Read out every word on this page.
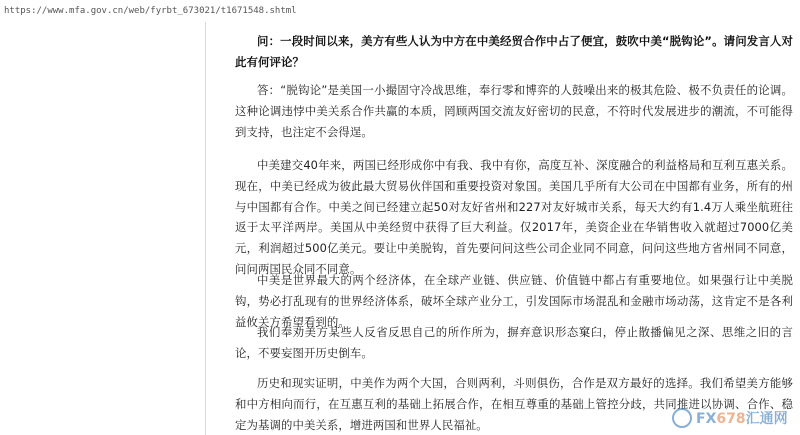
https://www.mfa.gov.cn/web/fyrbt_673021/t1671548.shtml

问：一段时间以来，美方有些人认为中方在中美经贸合作中占了便宜，鼓吹中美“脱钩论”。请问发言人对此有何评论？

答：“脱钩论”是美国一小撮固守冷战思维，奉行零和博弈的人鼓噪出来的极其危险、极不负责任的论调。这种论调违悖中美关系合作共赢的本质，罔顾两国交流友好密切的民意，不符时代发展进步的潮流，不可能得到支持，也注定不会得逞。

中美建交40年来，两国已经形成你中有我、我中有你，高度互补、深度融合的利益格局和互利互惠关系。现在，中美已经成为彼此最大贸易伙伴国和重要投资对象国。美国几乎所有大公司在中国都有业务，所有的州与中国都有合作。中美之间已经建立起50对友好省州和227对友好城市关系，每天大约有1.4万人乘坐航班往返于太平洋两岸。美国从中美经贸中获得了巨大利益。仅2017年，美资企业在华销售收入就超过7000亿美元，利润超过500亿美元。要让中美脱钩，首先要问问这些公司企业同不同意，问问这些地方省州同不同意，问问两国民众同不同意。

中美是世界最大的两个经济体，在全球产业链、供应链、价值链中都占有重要地位。如果强行让中美脱钩，势必打乱现有的世界经济体系，破坏全球产业分工，引发国际市场混乱和金融市场动荡，这肯定不是各利益攸关方希望看到的。

我们奉劝美方某些人反省反思自己的所作所为，摒弃意识形态窠臼，停止散播偏见之深、思维之旧的言论，不要妄图开历史倒车。

历史和现实证明，中美作为两个大国，合则两利，斗则俱伤，合作是双方最好的选择。我们希望美方能够和中方相向而行，在互惠互利的基础上拓展合作，在相互尊重的基础上管控分歧，共同推进以协调、合作、稳定为基调的中美关系，增进两国和世界人民福祉。	FX678汇通网
